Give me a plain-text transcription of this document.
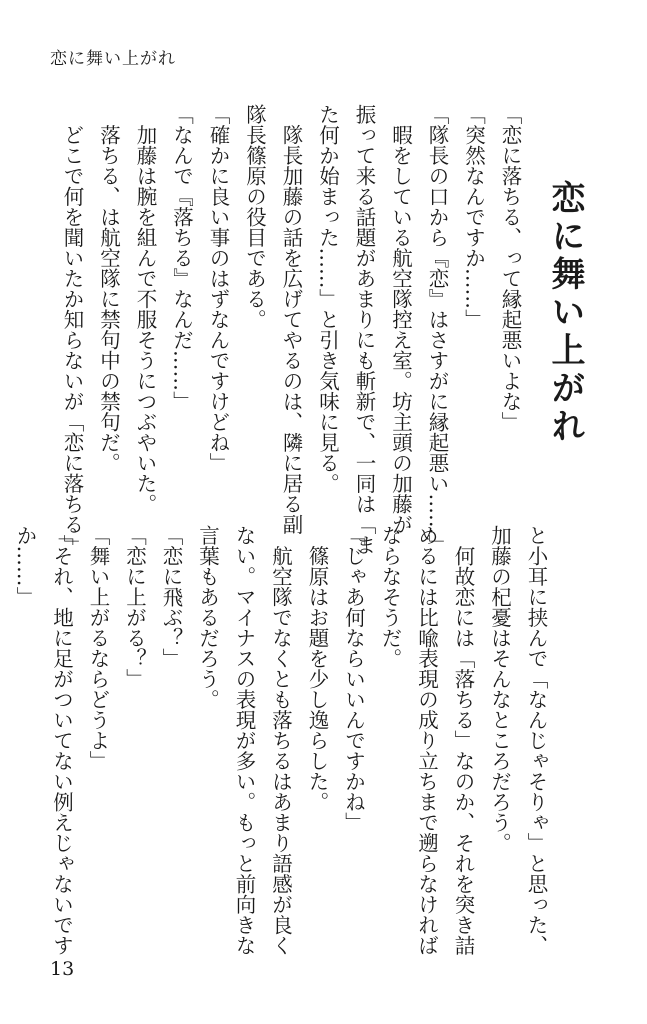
恋に舞い上がれ
恋に舞い上がれ
「恋に落ちる、って縁起悪いよな」
「突然なんですか……」
「隊長の口から『恋』はさすがに縁起悪い……」
　暇をしている航空隊控え室。坊主頭の加藤が
振って来る話題があまりにも斬新で、一同は「ま
た何か始まった……」と引き気味に見る。
　隊長加藤の話を広げてやるのは、隣に居る副
隊長篠原の役目である。
「確かに良い事のはずなんですけどね」
「なんで『落ちる』なんだ……」
　加藤は腕を組んで不服そうにつぶやいた。
　落ちる、は航空隊に禁句中の禁句だ。
　どこで何を聞いたか知らないが「恋に落ちる」
と小耳に挟んで「なんじゃそりゃ」と思った、
加藤の杞憂はそんなところだろう。
　何故恋には「落ちる」なのか、それを突き詰
めるには比喩表現の成り立ちまで遡らなければ
ならなそうだ。
「じゃあ何ならいいんですかね」
　篠原はお題を少し逸らした。
　航空隊でなくとも落ちるはあまり語感が良く
ない。マイナスの表現が多い。もっと前向きな
言葉もあるだろう。
「恋に飛ぶ？」
「恋に上がる？」
「舞い上がるならどうよ」
「それ、地に足がついてない例えじゃないです
か……」
13
